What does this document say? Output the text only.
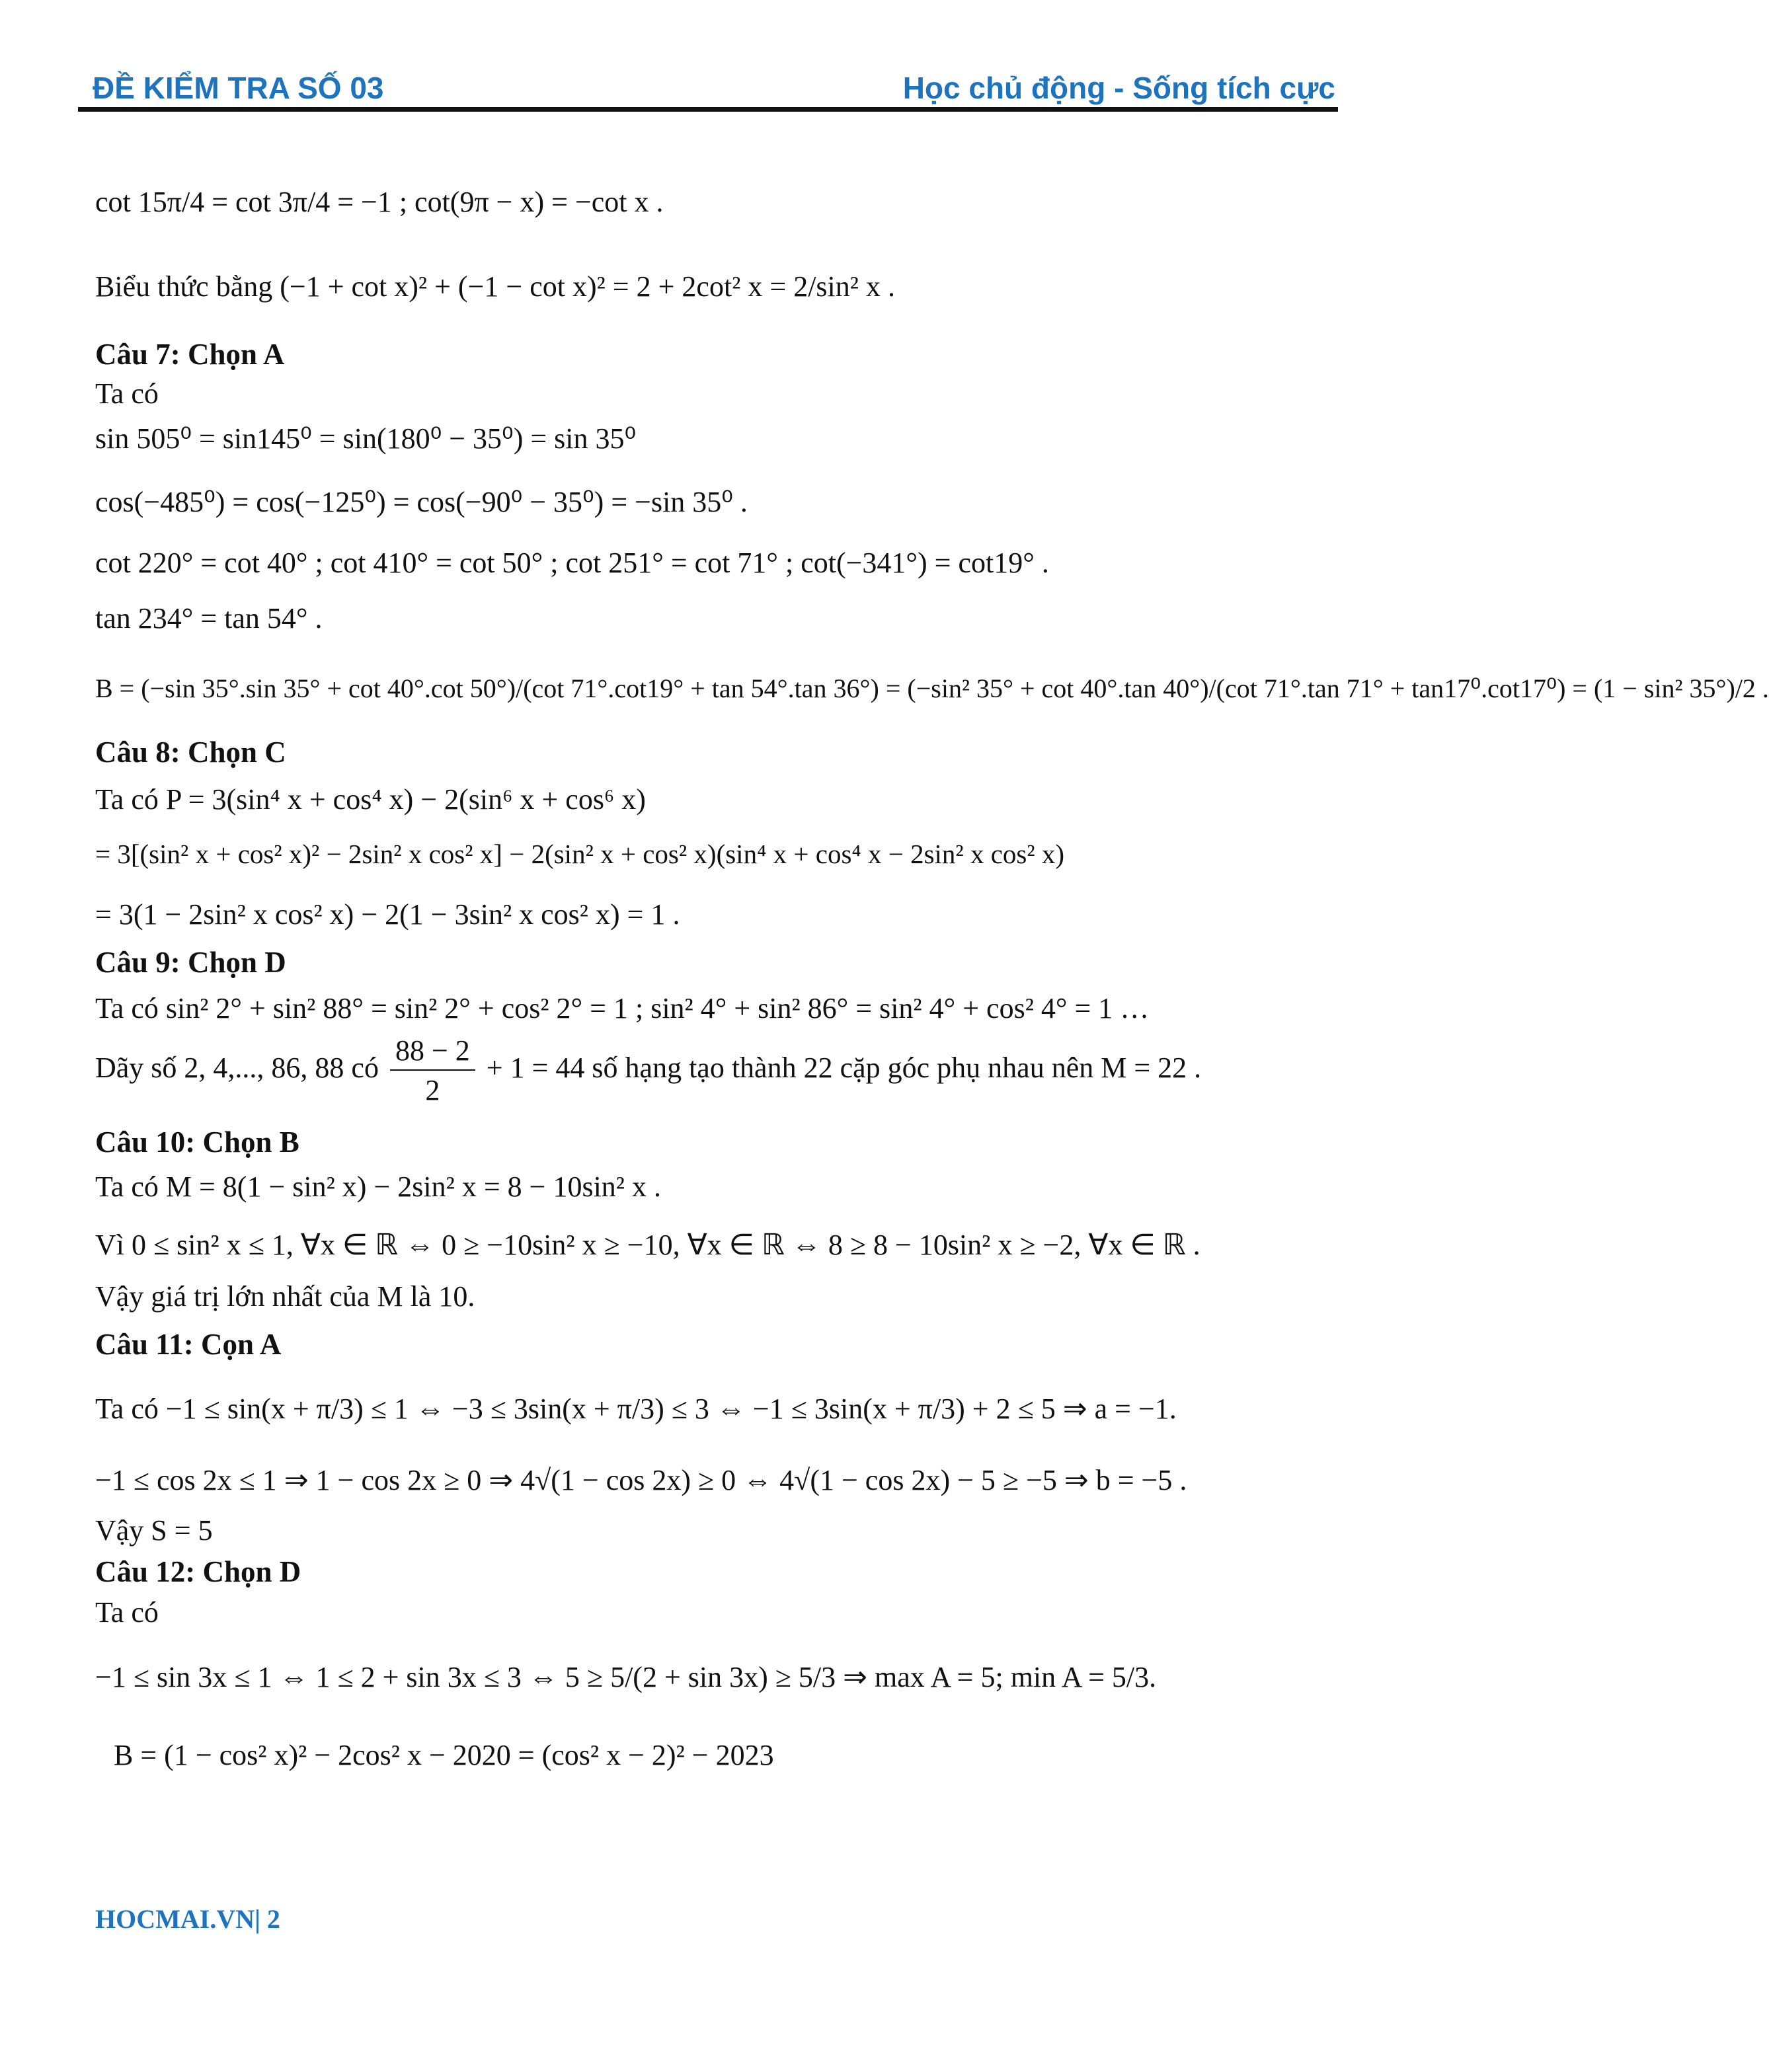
ĐỀ KIỂM TRA SỐ 03	Học chủ động - Sống tích cực
cot 15π/4 = cot 3π/4 = −1 ; cot(9π − x) = −cot x .
Biểu thức bằng (−1 + cot x)² + (−1 − cot x)² = 2 + 2cot² x = 2/sin² x .
Câu 7: Chọn A
Ta có
sin 505⁰ = sin145⁰ = sin(180⁰ − 35⁰) = sin 35⁰
cos(−485⁰) = cos(−125⁰) = cos(−90⁰ − 35⁰) = −sin 35⁰ .
cot 220° = cot 40° ; cot 410° = cot 50° ; cot 251° = cot 71° ; cot(−341°) = cot19° .
tan 234° = tan 54° .
B = (−sin 35°.sin 35° + cot 40°.cot 50°)/(cot 71°.cot19° + tan 54°.tan 36°) = (−sin² 35° + cot 40°.tan 40°)/(cot 71°.tan 71° + tan17⁰.cot17⁰) = (1 − sin² 35°)/2 .
Câu 8: Chọn C
Ta có P = 3(sin⁴ x + cos⁴ x) − 2(sin⁶ x + cos⁶ x)
= 3[(sin² x + cos² x)² − 2sin² x cos² x] − 2(sin² x + cos² x)(sin⁴ x + cos⁴ x − 2sin² x cos² x)
= 3(1 − 2sin² x cos² x) − 2(1 − 3sin² x cos² x) = 1 .
Câu 9: Chọn D
Ta có sin² 2° + sin² 88° = sin² 2° + cos² 2° = 1 ; sin² 4° + sin² 86° = sin² 4° + cos² 4° = 1 …
Dãy số 2, 4,..., 86, 88 có $\frac{88 - 2}{2} + 1 = 44$ số hạng tạo thành 22 cặp góc phụ nhau nên M = 22 .
Câu 10: Chọn B
Ta có M = 8(1 − sin² x) − 2sin² x = 8 − 10sin² x .
Vì 0 ≤ sin² x ≤ 1, ∀x ∈ ℝ ⇔ 0 ≥ −10sin² x ≥ −10, ∀x ∈ ℝ ⇔ 8 ≥ 8 − 10sin² x ≥ −2, ∀x ∈ ℝ .
Vậy giá trị lớn nhất của M là 10.
Câu 11: Cọn A
Ta có −1 ≤ sin(x + π/3) ≤ 1 ⇔ −3 ≤ 3sin(x + π/3) ≤ 3 ⇔ −1 ≤ 3sin(x + π/3) + 2 ≤ 5 ⇒ a = −1.
−1 ≤ cos 2x ≤ 1 ⇒ 1 − cos 2x ≥ 0 ⇒ 4√(1 − cos 2x) ≥ 0 ⇔ 4√(1 − cos 2x) − 5 ≥ −5 ⇒ b = −5 .
Vậy S = 5
Câu 12: Chọn D
Ta có
−1 ≤ sin 3x ≤ 1 ⇔ 1 ≤ 2 + sin 3x ≤ 3 ⇔ 5 ≥ 5/(2 + sin 3x) ≥ 5/3 ⇒ max A = 5; min A = 5/3.
B = (1 − cos² x)² − 2cos² x − 2020 = (cos² x − 2)² − 2023
HOCMAI.VN| 2
